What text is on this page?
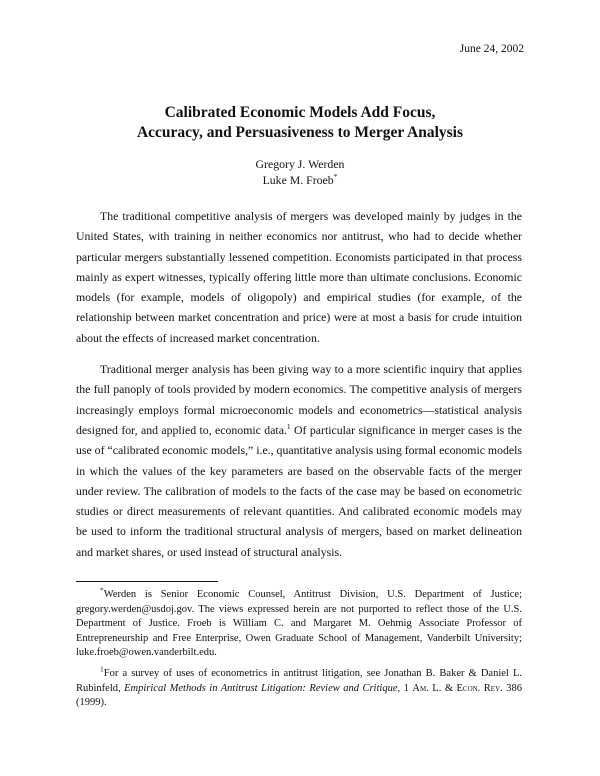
June 24, 2002
Calibrated Economic Models Add Focus,
Accuracy, and Persuasiveness to Merger Analysis
Gregory J. Werden
Luke M. Froeb*

The traditional competitive analysis of mergers was developed mainly by judges in the United States, with training in neither economics nor antitrust, who had to decide whether particular mergers substantially lessened competition. Economists participated in that process mainly as expert witnesses, typically offering little more than ultimate conclusions. Economic models (for example, models of oligopoly) and empirical studies (for example, of the relationship between market concentration and price) were at most a basis for crude intuition about the effects of increased market concentration.

Traditional merger analysis has been giving way to a more scientific inquiry that applies the full panoply of tools provided by modern economics. The competitive analysis of mergers increasingly employs formal microeconomic models and econometrics—statistical analysis designed for, and applied to, economic data.$^1$ Of particular significance in merger cases is the use of “calibrated economic models,” i.e., quantitative analysis using formal economic models in which the values of the key parameters are based on the observable facts of the merger under review. The calibration of models to the facts of the case may be based on econometric studies or direct measurements of relevant quantities. And calibrated economic models may be used to inform the traditional structural analysis of mergers, based on market delineation and market shares, or used instead of structural analysis.

*Werden is Senior Economic Counsel, Antitrust Division, U.S. Department of Justice; gregory.werden@usdoj.gov. The views expressed herein are not purported to reflect those of the U.S. Department of Justice. Froeb is William C. and Margaret M. Oehmig Associate Professor of Entrepreneurship and Free Enterprise, Owen Graduate School of Management, Vanderbilt University; luke.froeb@owen.vanderbilt.edu.

$^1$For a survey of uses of econometrics in antitrust litigation, see Jonathan B. Baker & Daniel L. Rubinfeld, Empirical Methods in Antitrust Litigation: Review and Critique, 1 Am. L. & Econ. Rev. 386 (1999).
